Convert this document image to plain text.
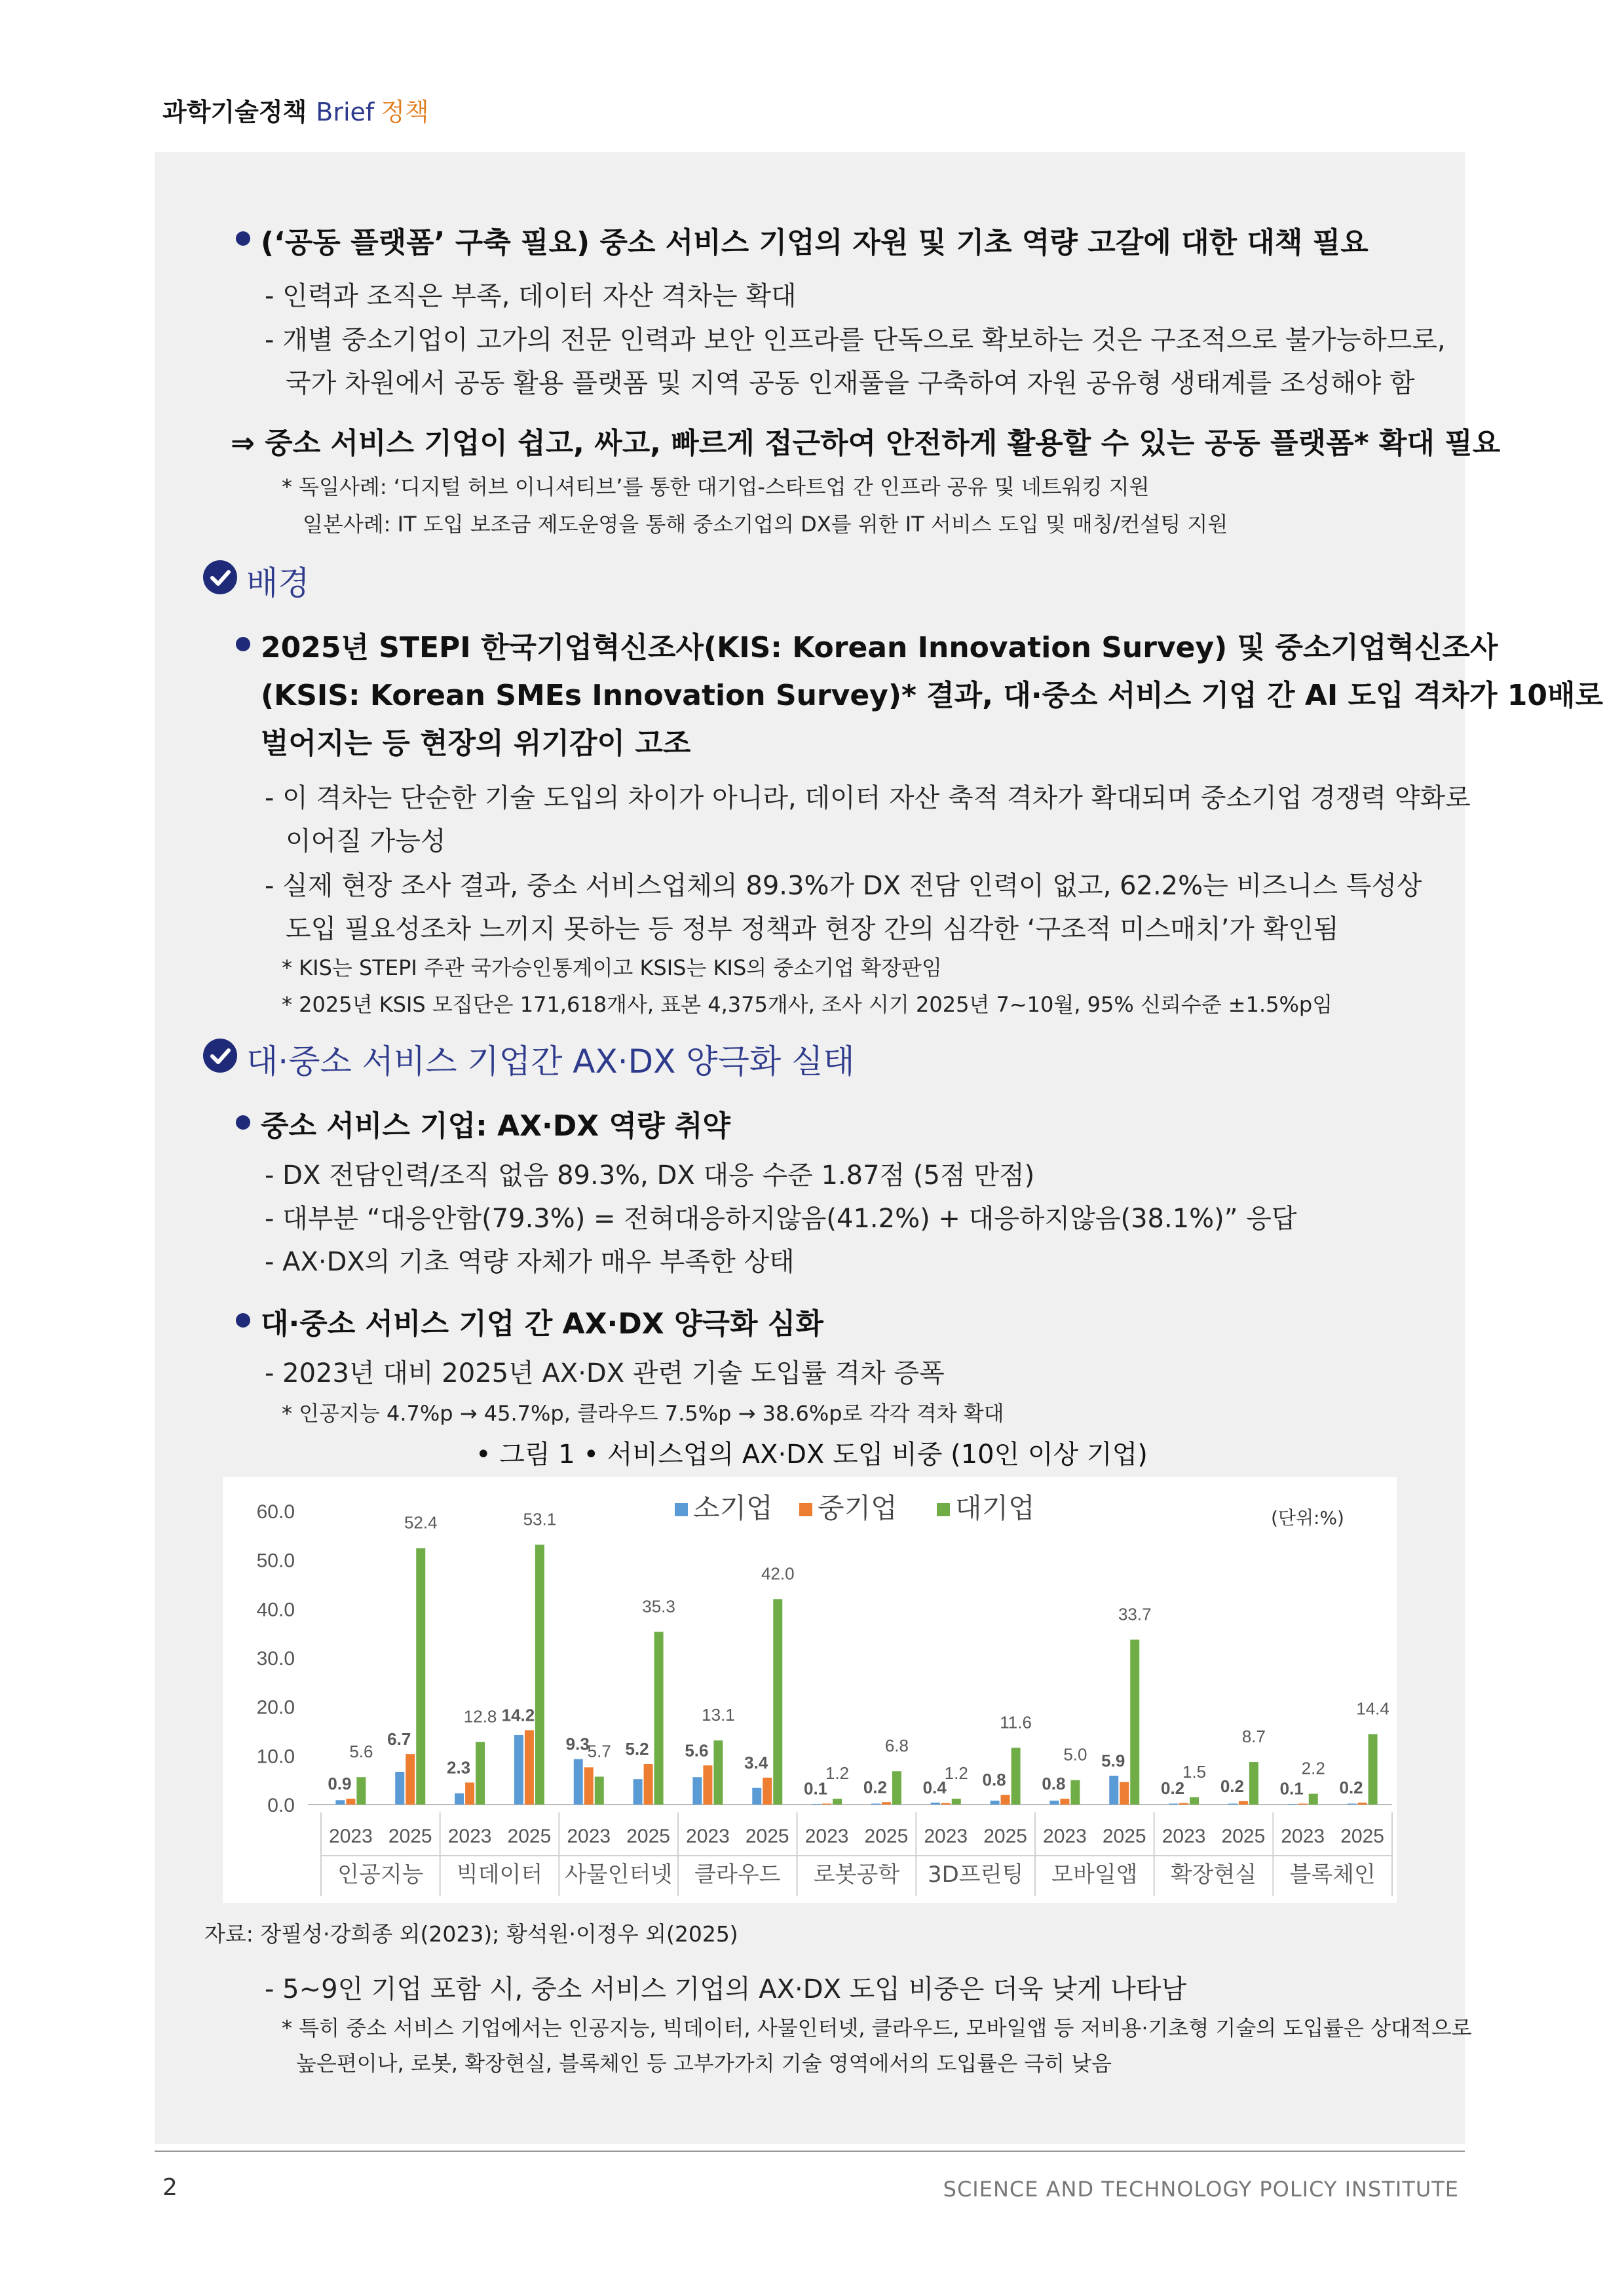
과학기술정책 Brief 정책
(‘공동 플랫폼’ 구축 필요) 중소 서비스 기업의 자원 및 기초 역량 고갈에 대한 대책 필요
- 인력과 조직은 부족, 데이터 자산 격차는 확대
- 개별 중소기업이 고가의 전문 인력과 보안 인프라를 단독으로 확보하는 것은 구조적으로 불가능하므로,
국가 차원에서 공동 활용 플랫폼 및 지역 공동 인재풀을 구축하여 자원 공유형 생태계를 조성해야 함
⇒ 중소 서비스 기업이 쉽고, 싸고, 빠르게 접근하여 안전하게 활용할 수 있는 공동 플랫폼* 확대 필요
* 독일사례: ‘디지털 허브 이니셔티브’를 통한 대기업-스타트업 간 인프라 공유 및 네트워킹 지원
일본사례: IT 도입 보조금 제도운영을 통해 중소기업의 DX를 위한 IT 서비스 도입 및 매칭/컨설팅 지원
배경
2025년 STEPI 한국기업혁신조사(KIS: Korean Innovation Survey) 및 중소기업혁신조사
(KSIS: Korean SMEs Innovation Survey)* 결과, 대·중소 서비스 기업 간 AI 도입 격차가 10배로
벌어지는 등 현장의 위기감이 고조
- 이 격차는 단순한 기술 도입의 차이가 아니라, 데이터 자산 축적 격차가 확대되며 중소기업 경쟁력 약화로
이어질 가능성
- 실제 현장 조사 결과, 중소 서비스업체의 89.3%가 DX 전담 인력이 없고, 62.2%는 비즈니스 특성상
도입 필요성조차 느끼지 못하는 등 정부 정책과 현장 간의 심각한 ‘구조적 미스매치’가 확인됨
* KIS는 STEPI 주관 국가승인통계이고 KSIS는 KIS의 중소기업 확장판임
* 2025년 KSIS 모집단은 171,618개사, 표본 4,375개사, 조사 시기 2025년 7~10월, 95% 신뢰수준 ±1.5%p임
대·중소 서비스 기업간 AX·DX 양극화 실태
중소 서비스 기업: AX·DX 역량 취약
- DX 전담인력/조직 없음 89.3%, DX 대응 수준 1.87점 (5점 만점)
- 대부분 “대응안함(79.3%) = 전혀대응하지않음(41.2%) + 대응하지않음(38.1%)” 응답
- AX·DX의 기초 역량 자체가 매우 부족한 상태
대·중소 서비스 기업 간 AX·DX 양극화 심화
- 2023년 대비 2025년 AX·DX 관련 기술 도입률 격차 증폭
* 인공지능 4.7%p → 45.7%p, 클라우드 7.5%p → 38.6%p로 각각 격차 확대
• 그림 1 • 서비스업의 AX·DX 도입 비중 (10인 이상 기업)
0.0
10.0
20.0
30.0
40.0
50.0
60.0	소기업 중기업 대기업	(단위:%)
0.9
5.6
2023
6.7
52.4
2025
인공지능
2.3
12.8
2023
14.2
53.1
2025
빅데이터
9.3
5.7
2023
5.2
35.3
2025
사물인터넷
5.6
13.1
2023
3.4
42.0
2025
클라우드
0.1
1.2
2023
0.2
6.8
2025
로봇공학
0.4
1.2
2023
0.8
11.6
2025
3D프린팅
0.8
5.0
2023
5.9
33.7
2025
모바일앱
0.2
1.5
2023
0.2
8.7
2025
확장현실
0.1
2.2
2023
0.2
14.4
2025
블록체인
자료: 장필성·강희종 외(2023); 황석원·이정우 외(2025)
- 5~9인 기업 포함 시, 중소 서비스 기업의 AX·DX 도입 비중은 더욱 낮게 나타남
* 특히 중소 서비스 기업에서는 인공지능, 빅데이터, 사물인터넷, 클라우드, 모바일앱 등 저비용·기초형 기술의 도입률은 상대적으로
높은편이나, 로봇, 확장현실, 블록체인 등 고부가가치 기술 영역에서의 도입률은 극히 낮음
2	SCIENCE AND TECHNOLOGY POLICY INSTITUTE
